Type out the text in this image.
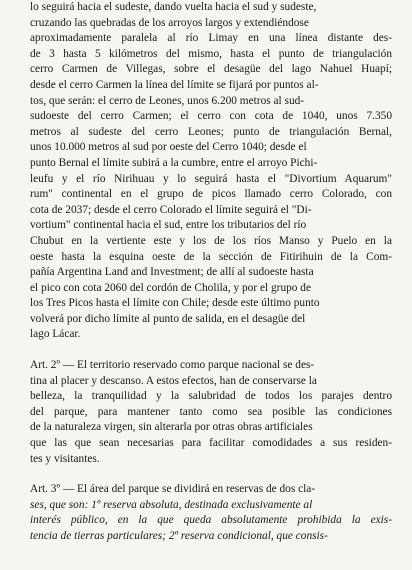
lo seguirá hacia el sudeste, dando vuelta hacia el sud y sudeste,
cruzando las quebradas de los arroyos largos y extendiéndose
aproximadamente paralela al río Limay en una línea distante des-
de 3 hasta 5 kilómetros del mismo, hasta el punto de triangulación
cerro Carmen de Villegas, sobre el desagüe del lago Nahuel Huapí;
desde el cerro Carmen la línea del límite se fijará por puntos al-
tos, que serán: el cerro de Leones, unos 6.200 metros al sud-
sudoeste del cerro Carmen; el cerro con cota de 1040, unos 7.350
metros al sudeste del cerro Leones; punto de triangulación Bernal,
unos 10.000 metros al sud por oeste del Cerro 1040; desde el
punto Bernal el límite subirá a la cumbre, entre el arroyo Pichi-
leufu y el río Nirihuau y lo seguirá hasta el "Divortium Aquarum"
rum" continental en el grupo de picos llamado cerro Colorado, con
cota de 2037; desde el cerro Colorado el límite seguirá el "Di-
vortium" continental hacia el sud, entre los tributarios del río
Chubut en la vertiente este y los de los ríos Manso y Puelo en la
oeste hasta la esquina oeste de la sección de Fitirihuin de la Com-
pañía Argentina Land and Investment; de allí al sudoeste hasta
el pico con cota 2060 del cordón de Cholila, y por el grupo de
los Tres Picos hasta el límite con Chile; desde este último punto
volverá por dicho límite al punto de salida, en el desagüe del
lago Lácar.
Art. 2º — El territorio reservado como parque nacional se des-
tina al placer y descanso. A estos efectos, han de conservarse la
belleza, la tranquilidad y la salubridad de todos los parajes dentro
del parque, para mantener tanto como sea posible las condiciones
de la naturaleza virgen, sin alterarla por otras obras artificiales
que las que sean necesarias para facilitar comodidades a sus residen-
tes y visitantes.
Art. 3º — El área del parque se dividirá en reservas de dos cla-
ses, que son: 1º reserva absoluta, destinada exclusivamente al
interés público, en la que queda absolutamente prohibida la exis-
tencia de tierras particulares; 2º reserva condicional, que consis-
